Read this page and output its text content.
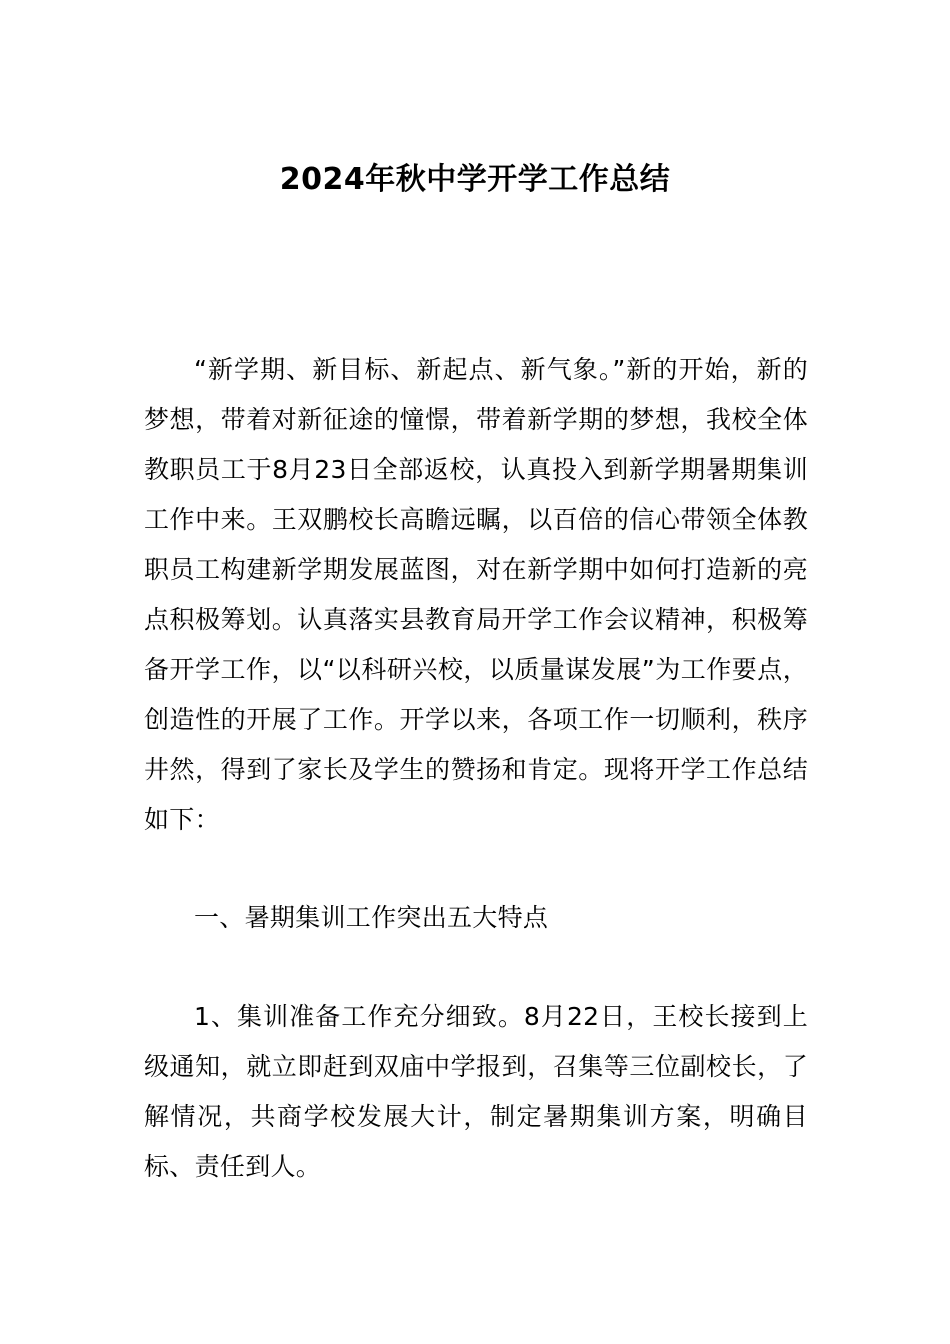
2024年秋中学开学工作总结

“新学期、新目标、新起点、新气象。”新的开始，新的梦想，带着对新征途的憧憬，带着新学期的梦想，我校全体教职员工于8月23日全部返校，认真投入到新学期暑期集训工作中来。王双鹏校长高瞻远瞩，以百倍的信心带领全体教职员工构建新学期发展蓝图，对在新学期中如何打造新的亮点积极筹划。认真落实县教育局开学工作会议精神，积极筹备开学工作，以“以科研兴校，以质量谋发展”为工作要点，创造性的开展了工作。开学以来，各项工作一切顺利，秩序井然，得到了家长及学生的赞扬和肯定。现将开学工作总结如下：

一、暑期集训工作突出五大特点

1、集训准备工作充分细致。8月22日，王校长接到上级通知，就立即赶到双庙中学报到，召集等三位副校长，了解情况，共商学校发展大计，制定暑期集训方案，明确目标、责任到人。
